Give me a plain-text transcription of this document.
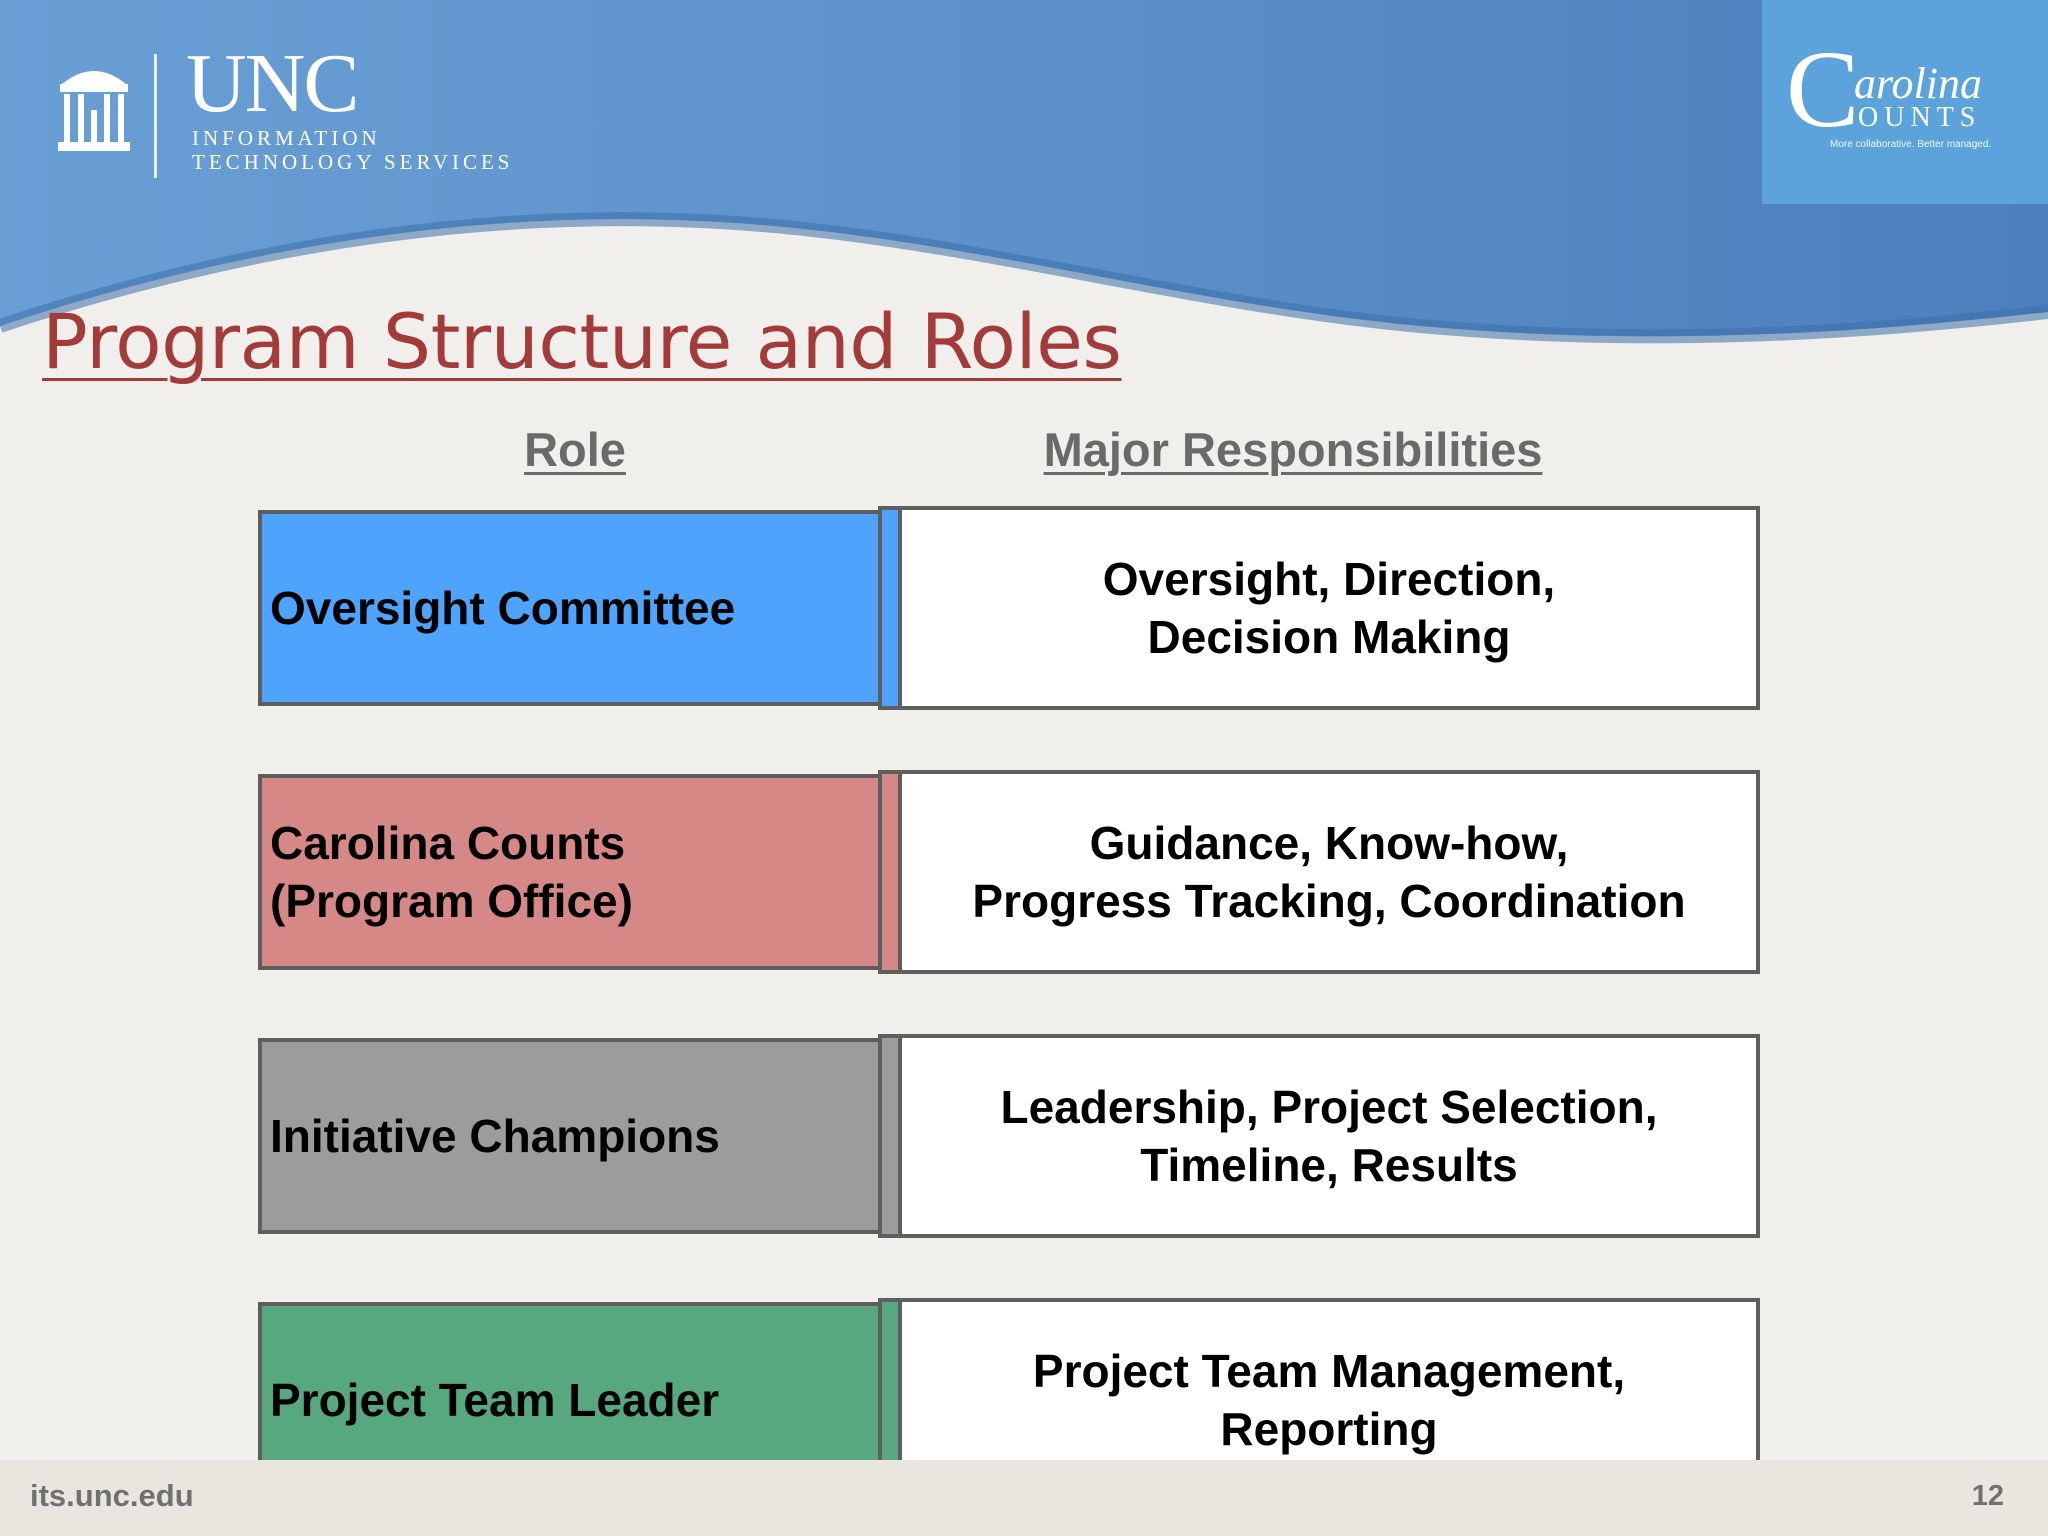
UNC
INFORMATION
TECHNOLOGY SERVICES
C
arolina
OUNTS
More collaborative. Better managed.
Program Structure and Roles
Role	Major Responsibilities
Oversight Committee
Oversight, Direction,
Decision Making
Carolina Counts
(Program Office)
Guidance, Know-how,
Progress Tracking, Coordination
Initiative Champions
Leadership, Project Selection,
Timeline, Results
Project Team Leader
Project Team Management,
Reporting
its.unc.edu	12
